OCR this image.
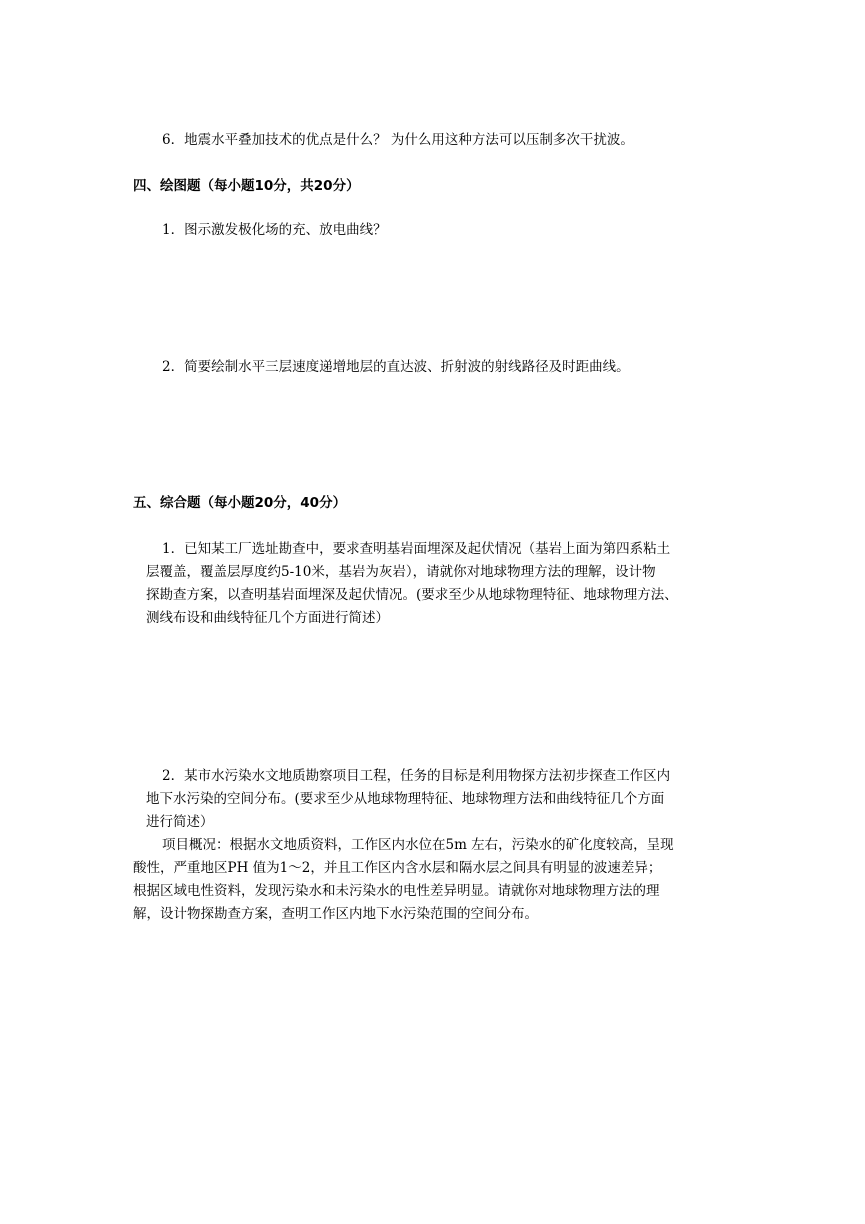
6．地震水平叠加技术的优点是什么？ 为什么用这种方法可以压制多次干扰波。
四、绘图题（每小题10分，共20分）
1．图示激发极化场的充、放电曲线？
2．简要绘制水平三层速度递增地层的直达波、折射波的射线路径及时距曲线。
五、综合题（每小题20分，40分）
1．已知某工厂选址勘查中，要求查明基岩面埋深及起伏情况（基岩上面为第四系粘土
层覆盖，覆盖层厚度约5-10米，基岩为灰岩），请就你对地球物理方法的理解，设计物
探勘查方案，以查明基岩面埋深及起伏情况。(要求至少从地球物理特征、地球物理方法、
测线布设和曲线特征几个方面进行简述）
2．某市水污染水文地质勘察项目工程，任务的目标是利用物探方法初步探查工作区内
地下水污染的空间分布。(要求至少从地球物理特征、地球物理方法和曲线特征几个方面
进行简述）
项目概况：根据水文地质资料，工作区内水位在5m 左右，污染水的矿化度较高，呈现
酸性，严重地区PH 值为1～2，并且工作区内含水层和隔水层之间具有明显的波速差异；
根据区域电性资料，发现污染水和未污染水的电性差异明显。请就你对地球物理方法的理
解，设计物探勘查方案，查明工作区内地下水污染范围的空间分布。
